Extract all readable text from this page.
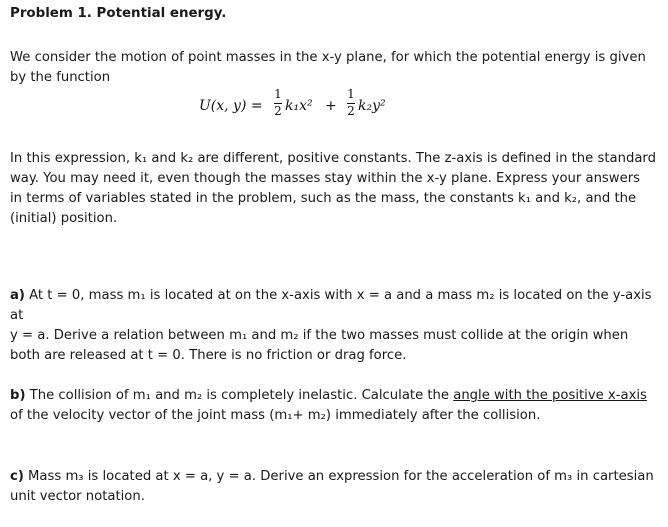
Problem 1. Potential energy.

We consider the motion of point masses in the x-y plane, for which the potential energy is given
by the function

U(x, y) =
1
2 k₁x² +
1
2 k₂y²

In this expression, k₁ and k₂ are different, positive constants. The z-axis is defined in the standard
way. You may need it, even though the masses stay within the x-y plane. Express your answers
in terms of variables stated in the problem, such as the mass, the constants k₁ and k₂, and the
(initial) position.

a) At t = 0, mass m₁ is located at on the x-axis with x = a and a mass m₂ is located on the y-axis at
y = a. Derive a relation between m₁ and m₂ if the two masses must collide at the origin when
both are released at t = 0. There is no friction or drag force.

b) The collision of m₁ and m₂ is completely inelastic. Calculate the angle with the positive x-axis
of the velocity vector of the joint mass (m₁+ m₂) immediately after the collision.

c) Mass m₃ is located at x = a, y = a. Derive an expression for the acceleration of m₃ in cartesian
unit vector notation.
